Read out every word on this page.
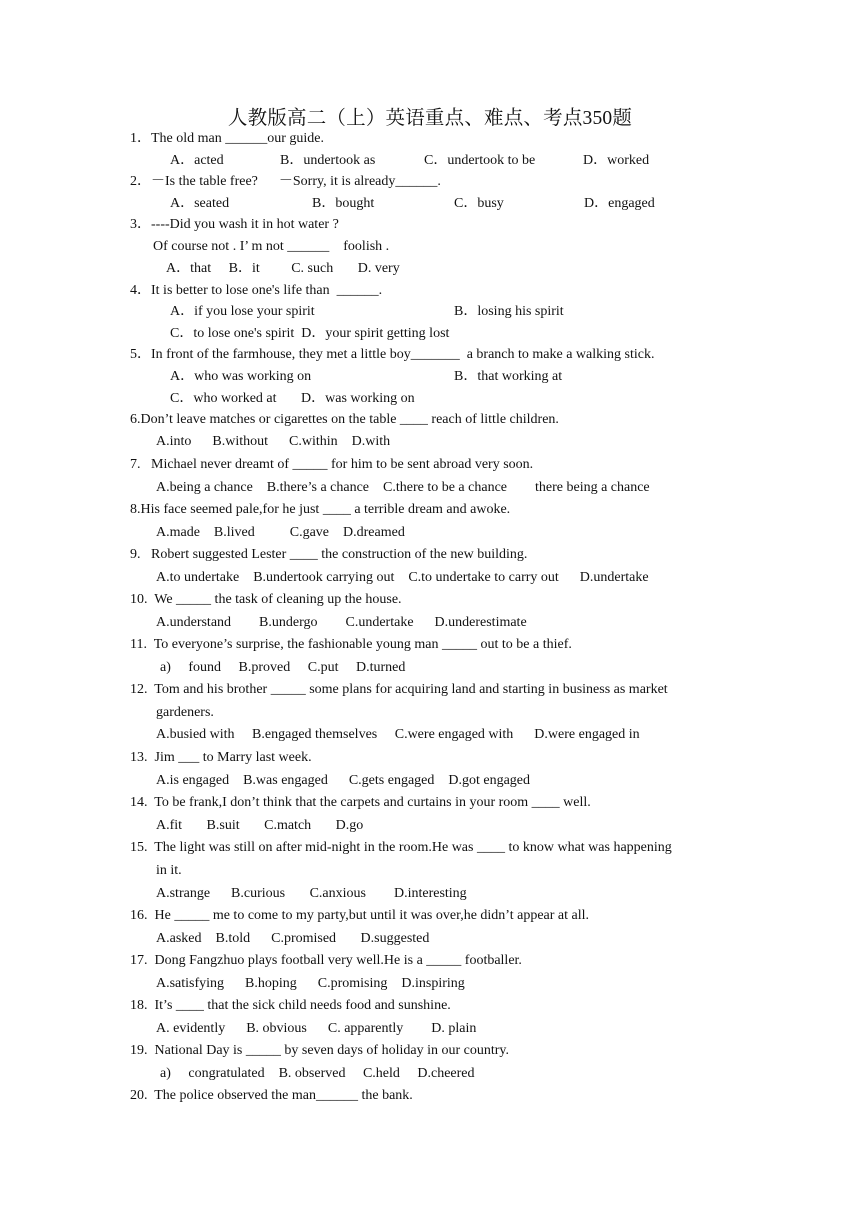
人教版高二（上）英语重点、难点、考点350题
1．The old man ______our guide.
A．acted	B．undertook as	C．undertook to be	D．worked
2．－Is the table free?      －Sorry, it is already______.
A．seated	B．bought	C．busy	D．engaged
3．----Did you wash it in hot water ?
Of course not . I’ m not ______    foolish .
A．that     B．it         C. such       D. very
4．It is better to lose one's life than  ______.
A．if you lose your spirit	B．losing his spirit
C．to lose one's spirit  D．your spirit getting lost
5．In front of the farmhouse, they met a little boy_______  a branch to make a walking stick.
A．who was working on	B．that working at
C．who worked at       D．was working on
6.Don’t leave matches or cigarettes on the table ____ reach of little children.
A.into      B.without      C.within    D.with
7.   Michael never dreamt of _____ for him to be sent abroad very soon.
A.being a chance    B.there’s a chance    C.there to be a chance        there being a chance
8.His face seemed pale,for he just ____ a terrible dream and awoke.
A.made    B.lived          C.gave    D.dreamed
9.   Robert suggested Lester ____ the construction of the new building.
A.to undertake    B.undertook carrying out    C.to undertake to carry out      D.undertake
10.  We _____ the task of cleaning up the house.
A.understand        B.undergo        C.undertake      D.underestimate
11.  To everyone’s surprise, the fashionable young man _____ out to be a thief.
a)     found     B.proved     C.put     D.turned
12.  Tom and his brother _____ some plans for acquiring land and starting in business as market
gardeners.
A.busied with     B.engaged themselves     C.were engaged with      D.were engaged in
13.  Jim ___ to Marry last week.
A.is engaged    B.was engaged      C.gets engaged    D.got engaged
14.  To be frank,I don’t think that the carpets and curtains in your room ____ well.
A.fit       B.suit       C.match       D.go
15.  The light was still on after mid-night in the room.He was ____ to know what was happening
in it.
A.strange      B.curious       C.anxious        D.interesting
16.  He _____ me to come to my party,but until it was over,he didn’t appear at all.
A.asked    B.told      C.promised       D.suggested
17.  Dong Fangzhuo plays football very well.He is a _____ footballer.
A.satisfying      B.hoping      C.promising    D.inspiring
18.  It’s ____ that the sick child needs food and sunshine.
A. evidently      B. obvious      C. apparently        D. plain
19.  National Day is _____ by seven days of holiday in our country.
a)     congratulated    B. observed     C.held     D.cheered
20.  The police observed the man______ the bank.
